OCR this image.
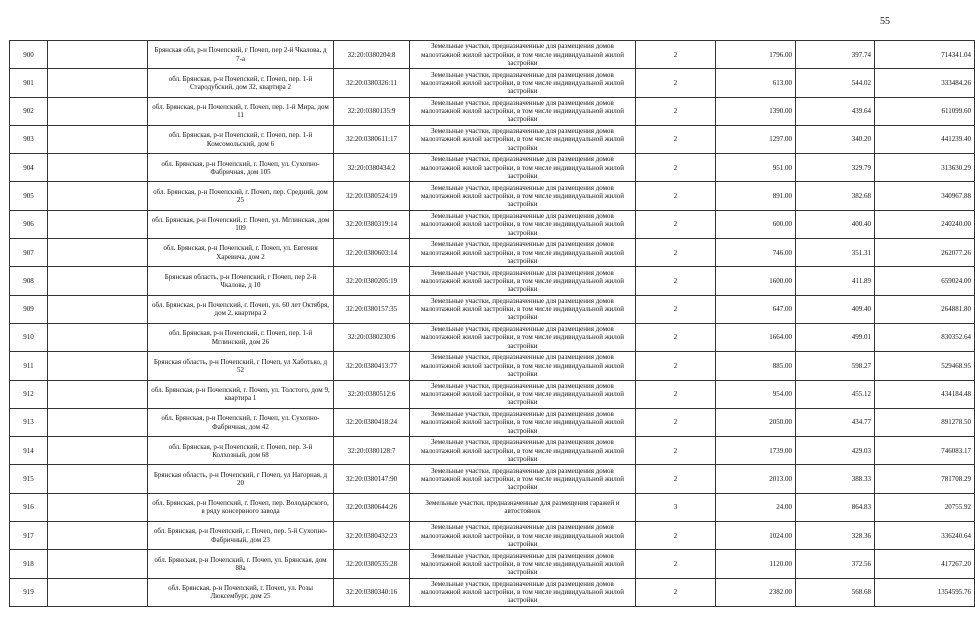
55
900		Брянская обл, р-н Почепский, г Почеп, пер 2-й Чкалова, д 7-а	32:20:0380204:8	Земельные участки, предназначенные для размещения домов малоэтажной жилой застройки, в том числе индивидуальной жилой застройки	2	1796.00	397.74	714341.04
901		обл. Брянская, р-н Почепский, г. Почеп, пер. 1-й Стародубский, дом 32, квартира 2	32:20:0380326:11	Земельные участки, предназначенные для размещения домов малоэтажной жилой застройки, в том числе индивидуальной жилой застройки	2	613.00	544.02	333484.26
902		обл. Брянская, р-н Почепский, г. Почеп, пер. 1-й Мира, дом 11	32:20:0380135:9	Земельные участки, предназначенные для размещения домов малоэтажной жилой застройки, в том числе индивидуальной жилой застройки	2	1390.00	439.64	611099.60
903		обл. Брянская, р-н Почепский, г. Почеп, пер. 1-й Комсомольский, дом 6	32:20:0380611:17	Земельные участки, предназначенные для размещения домов малоэтажной жилой застройки, в том числе индивидуальной жилой застройки	2	1297.00	340.20	441239.40
904		обл. Брянская, р-н Почепский, г. Почеп, ул. Сухопно-Фабричная, дом 105	32:20:0380434:2	Земельные участки, предназначенные для размещения домов малоэтажной жилой застройки, в том числе индивидуальной жилой застройки	2	951.00	329.79	313630.29
905		обл. Брянская, р-н Почепский, г. Почеп, пер. Средний, дом 25	32:20:0380524:19	Земельные участки, предназначенные для размещения домов малоэтажной жилой застройки, в том числе индивидуальной жилой застройки	2	891.00	382.68	340967.88
906		обл. Брянская, р-н Почепский, г. Почеп, ул. Мглинская, дом 109	32:20:0380319:14	Земельные участки, предназначенные для размещения домов малоэтажной жилой застройки, в том числе индивидуальной жилой застройки	2	600.00	400.40	240240.00
907		обл. Брянская, р-н Почепский, г. Почеп, ул. Евгения Харевича, дом 2	32:20:0380603:14	Земельные участки, предназначенные для размещения домов малоэтажной жилой застройки, в том числе индивидуальной жилой застройки	2	746.00	351.31	262077.26
908		Брянская область, р-н Почепский, г Почеп, пер 2-й Чкалова, д 10	32:20:0380205:19	Земельные участки, предназначенные для размещения домов малоэтажной жилой застройки, в том числе индивидуальной жилой застройки	2	1600.00	411.89	659024.00
909		обл. Брянская, р-н Почепский, г. Почеп, ул. 60 лет Октября, дом 2, квартира 2	32:20:0380157:35	Земельные участки, предназначенные для размещения домов малоэтажной жилой застройки, в том числе индивидуальной жилой застройки	2	647.00	409.40	264881.80
910		обл. Брянская, р-н Почепский, г. Почеп, пер. 1-й Мглинский, дом 26	32:20:0380230:6	Земельные участки, предназначенные для размещения домов малоэтажной жилой застройки, в том числе индивидуальной жилой застройки	2	1664.00	499.01	830352.64
911		Брянская область, р-н Почепский, г Почеп, ул Хаботько, д 52	32:20:0380413:77	Земельные участки, предназначенные для размещения домов малоэтажной жилой застройки, в том числе индивидуальной жилой застройки	2	885.00	598.27	529468.95
912		обл. Брянская, р-н Почепский, г. Почеп, ул. Толстого, дом 9, квартира 1	32:20:0380512:6	Земельные участки, предназначенные для размещения домов малоэтажной жилой застройки, в том числе индивидуальной жилой застройки	2	954.00	455.12	434184.48
913		обл. Брянская, р-н Почепский, г. Почеп, ул. Сухопно-Фабричная, дом 42	32:20:0380418:24	Земельные участки, предназначенные для размещения домов малоэтажной жилой застройки, в том числе индивидуальной жилой застройки	2	2050.00	434.77	891278.50
914		обл. Брянская, р-н Почепский, г. Почеп, пер. 3-й Колхозный, дом 68	32:20:0380128:7	Земельные участки, предназначенные для размещения домов малоэтажной жилой застройки, в том числе индивидуальной жилой застройки	2	1739.00	429.03	746083.17
915		Брянская область, р-н Почепский, г Почеп, ул Нагорная, д 20	32:20:0380147:90	Земельные участки, предназначенные для размещения домов малоэтажной жилой застройки, в том числе индивидуальной жилой застройки	2	2013.00	388.33	781708.29
916		обл. Брянская, р-н Почепский, г. Почеп, пер. Володарского, в ряду консервного завода	32:20:0380644:26	Земельные участки, предназначенные для размещения гаражей и автостоянок	3	24.00	864.83	20755.92
917		обл. Брянская, р-н Почепский, г. Почеп, пер. 5-й Сухопно-Фабричный, дом 23	32:20:0380432:23	Земельные участки, предназначенные для размещения домов малоэтажной жилой застройки, в том числе индивидуальной жилой застройки	2	1024.00	328.36	336240.64
918		обл. Брянская, р-н Почепский, г. Почеп, ул. Брянская, дом 88а	32:20:0380535:28	Земельные участки, предназначенные для размещения домов малоэтажной жилой застройки, в том числе индивидуальной жилой застройки	2	1120.00	372.56	417267.20
919		обл. Брянская, р-н Почепский, г. Почеп, ул. Розы Люксембург, дом 25	32:20:0380340:16	Земельные участки, предназначенные для размещения домов малоэтажной жилой застройки, в том числе индивидуальной жилой застройки	2	2382.00	568.68	1354595.76
